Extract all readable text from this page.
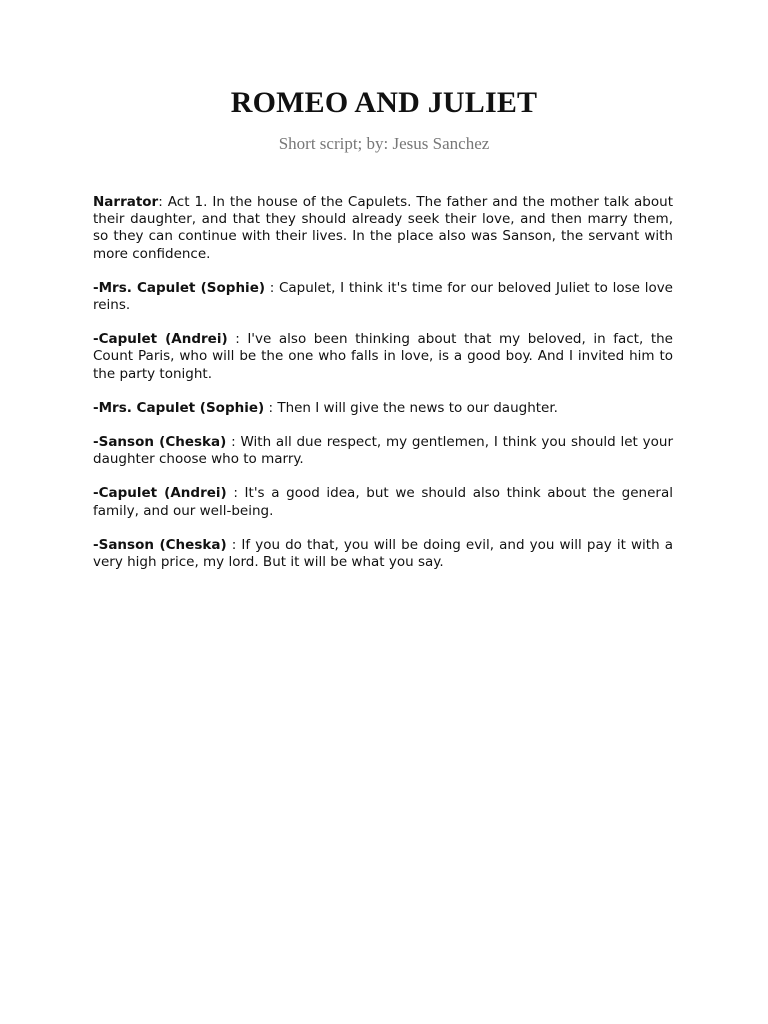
ROMEO AND JULIET
Short script; by: Jesus Sanchez

Narrator: Act 1. In the house of the Capulets. The father and the mother talk about their daughter, and that they should already seek their love, and then marry them, so they can continue with their lives. In the place also was Sanson, the servant with more confidence.

-Mrs. Capulet (Sophie) : Capulet, I think it's time for our beloved Juliet to lose love reins.

-Capulet (Andrei) : I've also been thinking about that my beloved, in fact, the Count Paris, who will be the one who falls in love, is a good boy. And I invited him to the party tonight.

-Mrs. Capulet (Sophie) : Then I will give the news to our daughter.

-Sanson (Cheska) : With all due respect, my gentlemen, I think you should let your daughter choose who to marry.

-Capulet (Andrei) : It's a good idea, but we should also think about the general family, and our well-being.

-Sanson (Cheska) : If you do that, you will be doing evil, and you will pay it with a very high price, my lord. But it will be what you say.
